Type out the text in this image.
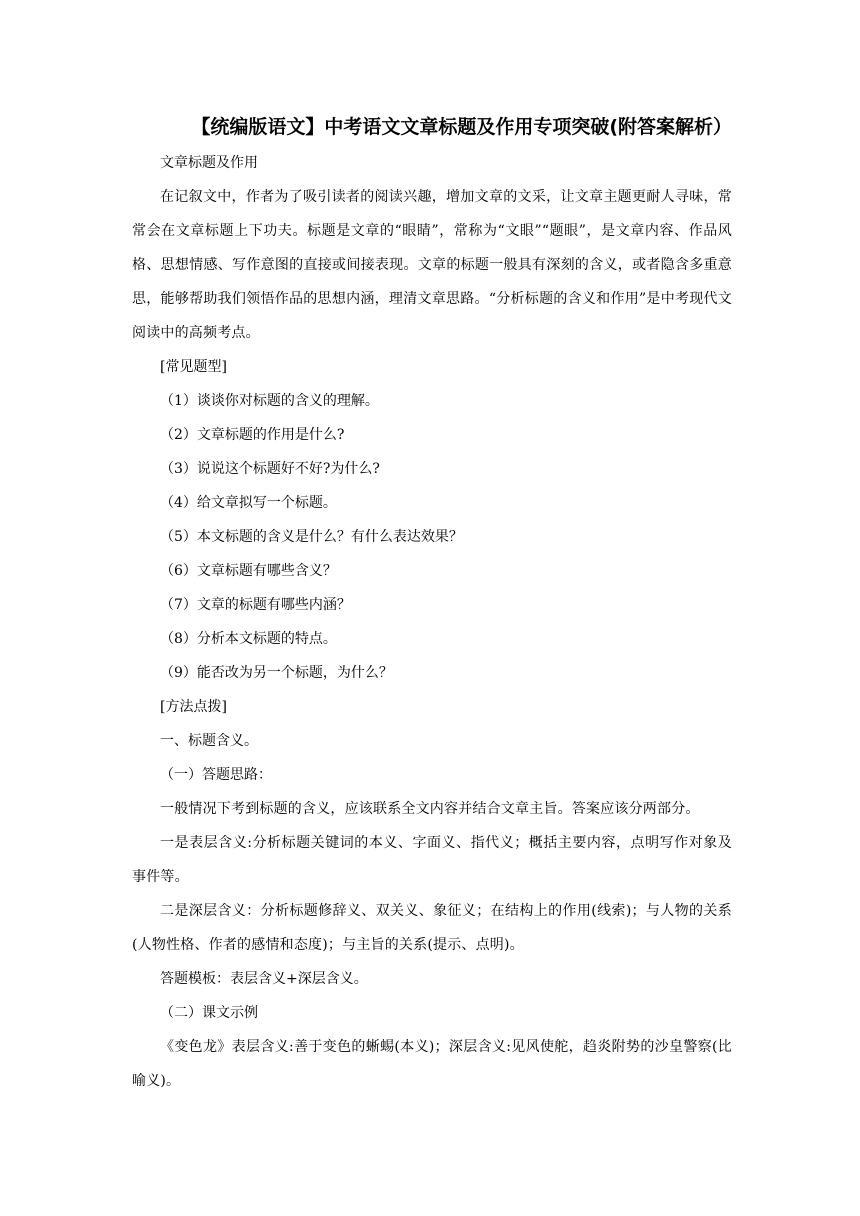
【统编版语文】中考语文文章标题及作用专项突破(附答案解析）

文章标题及作用

在记叙文中，作者为了吸引读者的阅读兴趣，增加文章的文采，让文章主题更耐人寻味，常常会在文章标题上下功夫。标题是文章的“眼睛”，常称为“文眼”“题眼”，是文章内容、作品风格、思想情感、写作意图的直接或间接表现。文章的标题一般具有深刻的含义，或者隐含多重意思，能够帮助我们领悟作品的思想内涵，理清文章思路。“分析标题的含义和作用”是中考现代文阅读中的高频考点。

[常见题型]

（1）谈谈你对标题的含义的理解。

（2）文章标题的作用是什么?

（3）说说这个标题好不好?为什么?

（4）给文章拟写一个标题。

（5）本文标题的含义是什么？有什么表达效果？

（6）文章标题有哪些含义？

（7）文章的标题有哪些内涵？

（8）分析本文标题的特点。

（9）能否改为另一个标题，为什么？

[方法点拨]

一、标题含义。

（一）答题思路：

一般情况下考到标题的含义，应该联系全文内容并结合文章主旨。答案应该分两部分。

一是表层含义:分析标题关键词的本义、字面义、指代义；概括主要内容，点明写作对象及事件等。

二是深层含义：分析标题修辞义、双关义、象征义；在结构上的作用(线索)；与人物的关系(人物性格、作者的感情和态度)；与主旨的关系(提示、点明)。

答题模板：表层含义+深层含义。

（二）课文示例

《变色龙》表层含义:善于变色的蜥蜴(本义)；深层含义:见风使舵，趋炎附势的沙皇警察(比喻义)。
